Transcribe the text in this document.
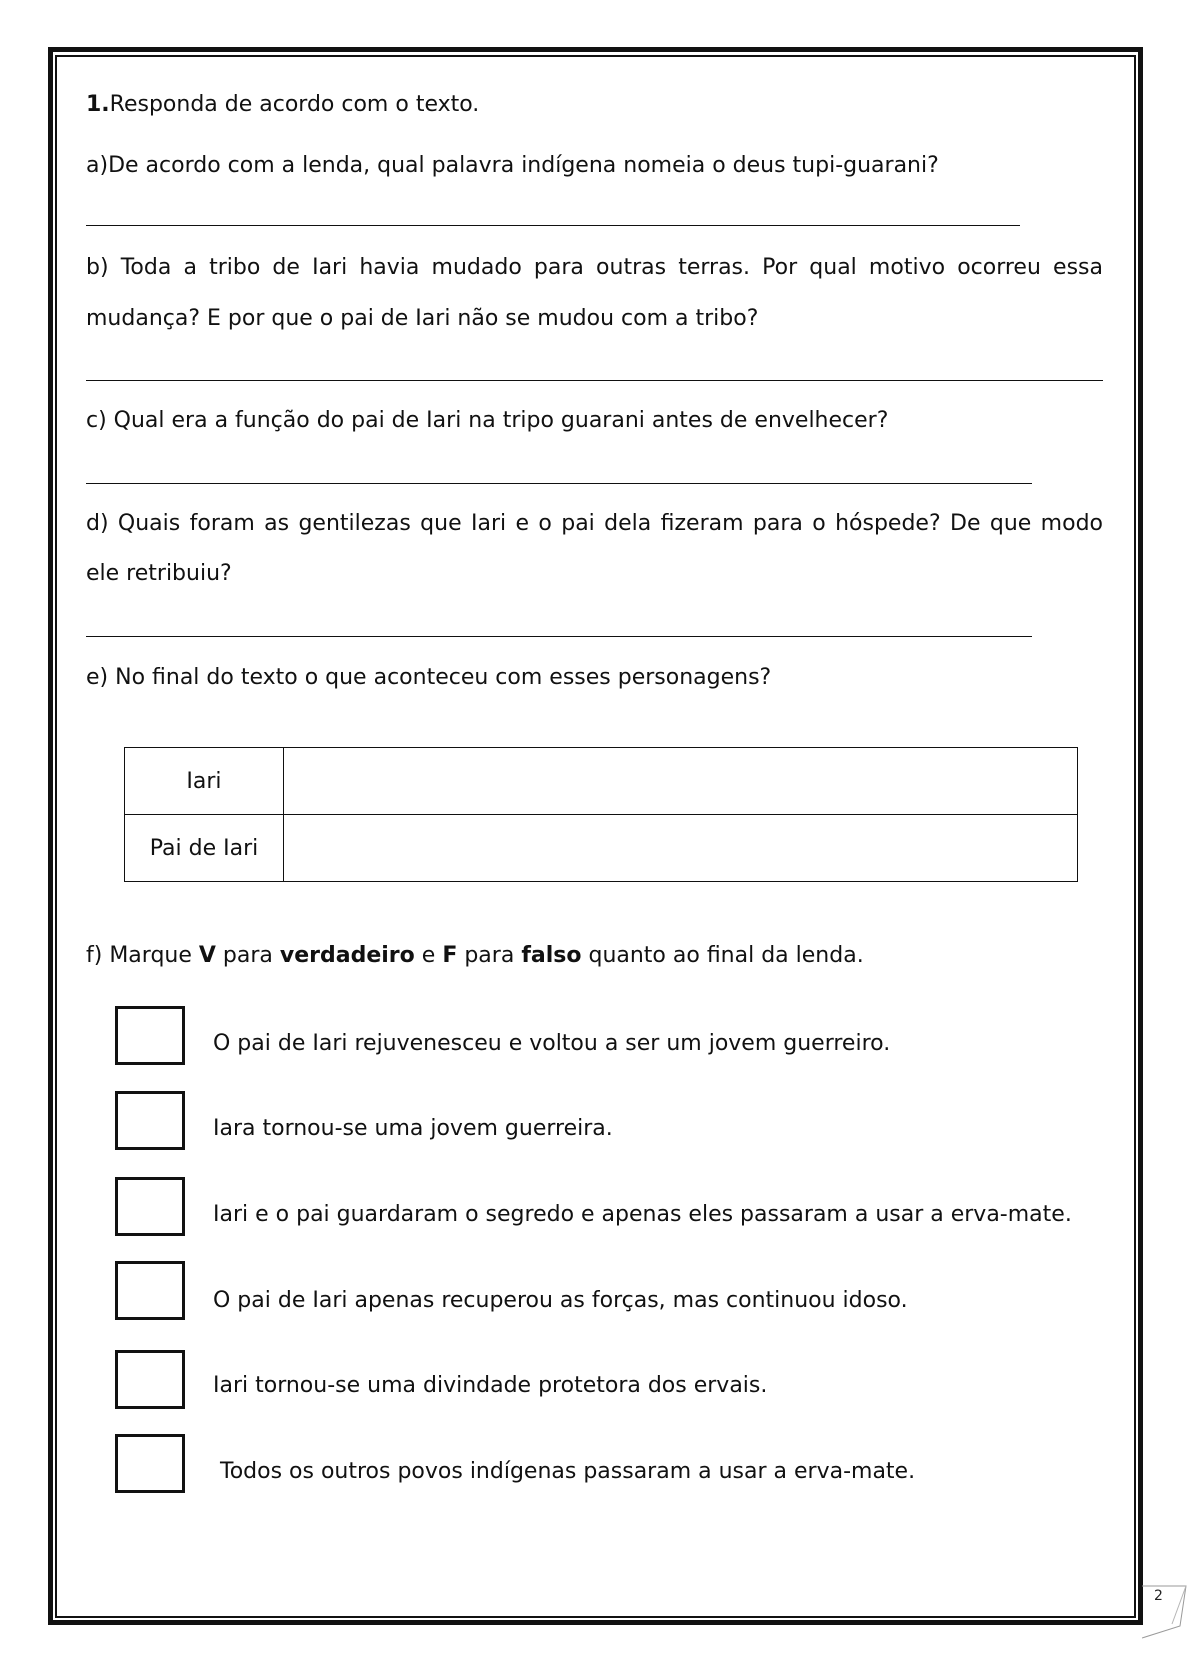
1.Responda de acordo com o texto.
a)De acordo com a lenda, qual palavra indígena nomeia o deus tupi-guarani?
b) Toda a tribo de Iari havia mudado para outras terras. Por qual motivo ocorreu essa
mudança? E por que o pai de Iari não se mudou com a tribo?
c) Qual era a função do pai de Iari na tripo guarani antes de envelhecer?
d) Quais foram as gentilezas que Iari e o pai dela fizeram para o hóspede? De que modo
ele retribuiu?
e) No final do texto o que aconteceu com esses personagens?
Iari	
Pai de Iari	
f) Marque V para verdadeiro e F para falso quanto ao final da lenda.
O pai de Iari rejuvenesceu e voltou a ser um jovem guerreiro.
Iara tornou-se uma jovem guerreira.
Iari e o pai guardaram o segredo e apenas eles passaram a usar a erva-mate.
O pai de Iari apenas recuperou as forças, mas continuou idoso.
Iari tornou-se uma divindade protetora dos ervais.
Todos os outros povos indígenas passaram a usar a erva-mate.
2
